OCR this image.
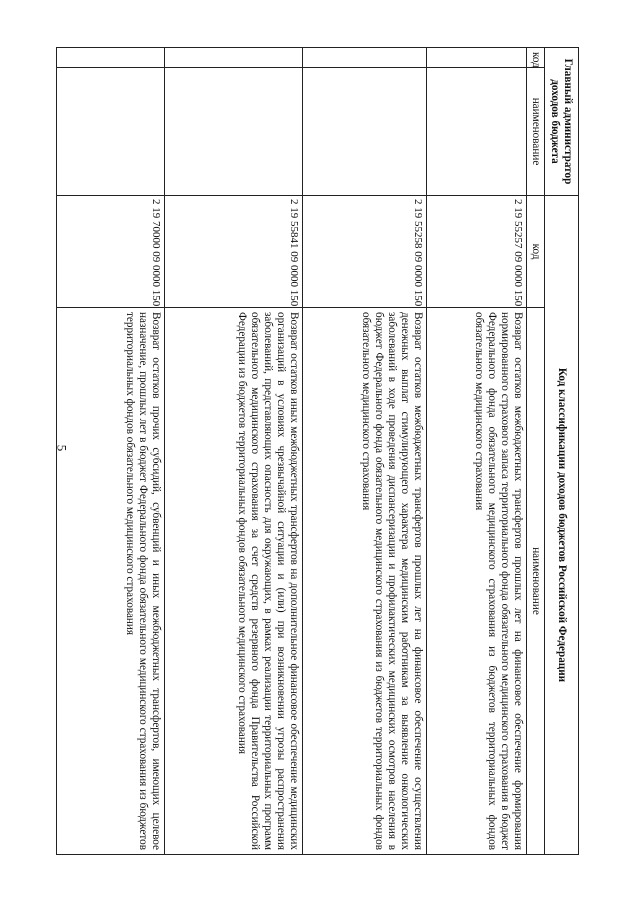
5
Главный администратор доходов бюджета		Код классификации доходов бюджетов Российской Федерации	
код	наименование	код	наименование
		2 19 55257 09 0000 150	Возврат остатков межбюджетных трансфертов прошлых лет на финансовое обеспечение формирования нормированного страхового запаса территориального фонда обязательного медицинского страхования в бюджет Федерального фонда обязательного медицинского страхования из бюджетов территориальных фондов обязательного медицинского страхования
		2 19 55258 09 0000 150	Возврат остатков межбюджетных трансфертов прошлых лет на финансовое обеспечение осуществления денежных выплат стимулирующего характера медицинским работникам за выявление онкологических заболеваний в ходе проведения диспансеризации и профилактических медицинских осмотров населения в бюджет Федерального фонда обязательного медицинского страхования из бюджетов территориальных фондов обязательного медицинского страхования
		2 19 55841 09 0000 150	Возврат остатков иных межбюджетных трансфертов на дополнительное финансовое обеспечение медицинских организаций в условиях чрезвычайной ситуации и (или) при возникновении угрозы распространения заболеваний, представляющих опасность для окружающих, в рамках реализации территориальных программ обязательного медицинского страхования за счет средств резервного фонда Правительства Российской Федерации из бюджетов территориальных фондов обязательного медицинского страхования
		2 19 70000 09 0000 150	Возврат остатков прочих субсидий, субвенций и иных межбюджетных трансфертов, имеющих целевое назначение, прошлых лет в бюджет Федерального фонда обязательного медицинского страхования из бюджетов территориальных фондов обязательного медицинского страхования
